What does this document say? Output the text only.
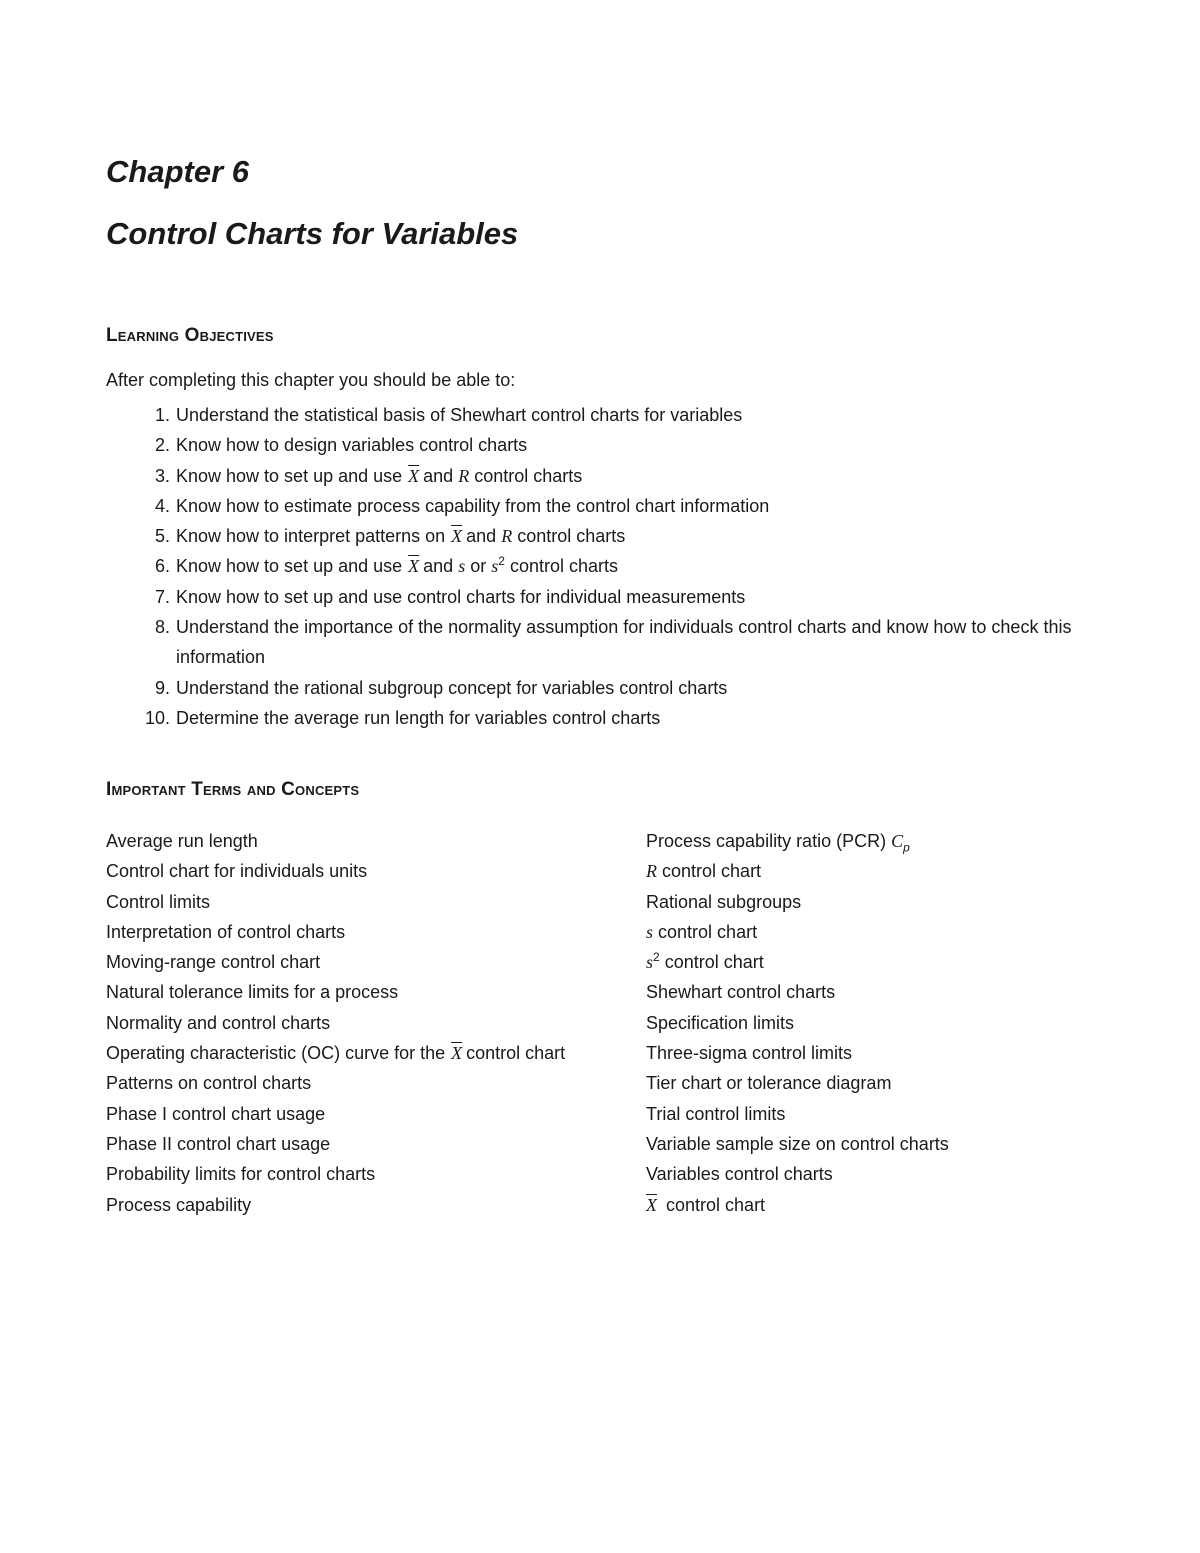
Chapter 6
Control Charts for Variables
Learning Objectives
After completing this chapter you should be able to:
1. Understand the statistical basis of Shewhart control charts for variables
2. Know how to design variables control charts
3. Know how to set up and use $\overline{X}$ and R control charts
4. Know how to estimate process capability from the control chart information
5. Know how to interpret patterns on $\overline{X}$ and R control charts
6. Know how to set up and use $\overline{X}$ and s or $s^2$ control charts
7. Know how to set up and use control charts for individual measurements
8. Understand the importance of the normality assumption for individuals control charts and know how to check this information
9. Understand the rational subgroup concept for variables control charts
10. Determine the average run length for variables control charts
Important Terms and Concepts
Average run length
Control chart for individuals units
Control limits
Interpretation of control charts
Moving-range control chart
Natural tolerance limits for a process
Normality and control charts
Operating characteristic (OC) curve for the $\overline{X}$ control chart
Patterns on control charts
Phase I control chart usage
Phase II control chart usage
Probability limits for control charts
Process capability
Process capability ratio (PCR) $C_p$
R control chart
Rational subgroups
s control chart
$s^2$ control chart
Shewhart control charts
Specification limits
Three-sigma control limits
Tier chart or tolerance diagram
Trial control limits
Variable sample size on control charts
Variables control charts
$\overline{X}$ control chart
